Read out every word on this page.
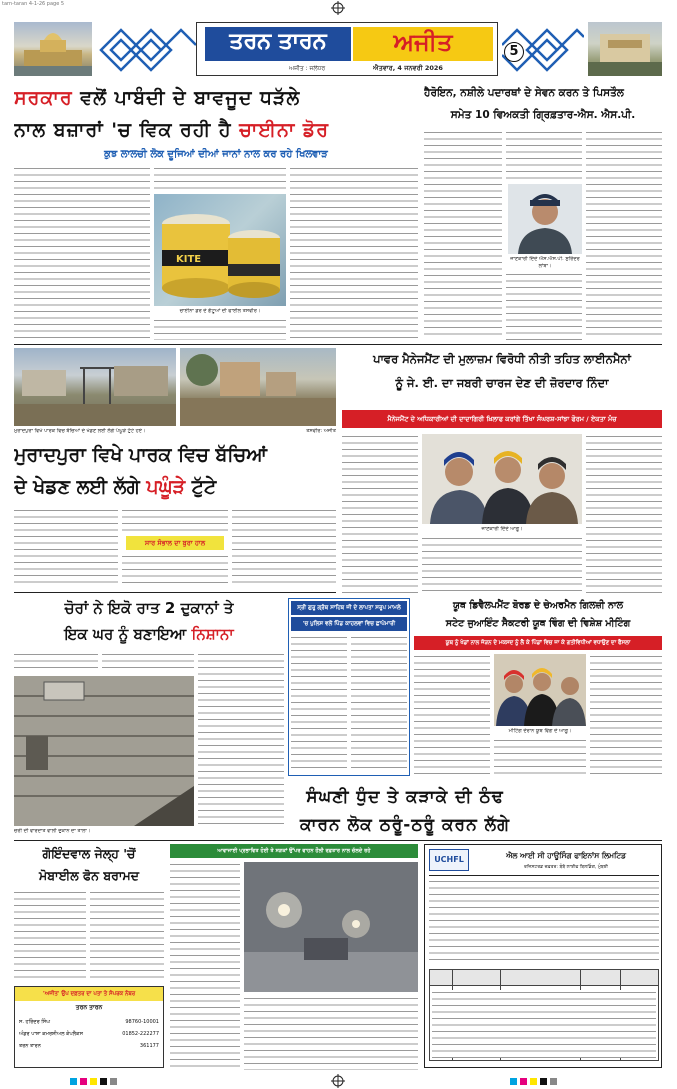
tarn-taran 4-1-26 page 5
ਤਰਨ ਤਾਰਨ	ਅਜੀਤ
ਅਜੀਤ : ਜਲੰਧਰ	ਐਤਵਾਰ, 4 ਜਨਵਰੀ 2026
5
ਸਰਕਾਰ ਵਲੋਂ ਪਾਬੰਦੀ ਦੇ ਬਾਵਜੂਦ ਧੜੱਲੇ
ਨਾਲ ਬਜ਼ਾਰਾਂ 'ਚ ਵਿਕ ਰਹੀ ਹੈ ਚਾਈਨਾ ਡੋਰ
ਕੁਝ ਲਾਲਚੀ ਲੋਕ ਦੂਜਿਆਂ ਦੀਆਂ ਜਾਨਾਂ ਨਾਲ ਕਰ ਰਹੇ ਖਿਲਵਾੜ
KITE
ਚਾਈਨਾ ਡੋਰ ਦੇ ਗੱਟੂਆਂ ਦੀ ਫਾਈਲ ਤਸਵੀਰ।
ਹੈਰੋਇਨ, ਨਸ਼ੀਲੇ ਪਦਾਰਥਾਂ ਦੇ ਸੇਵਨ ਕਰਨ ਤੇ ਪਿਸਤੌਲ
ਸਮੇਤ 10 ਵਿਅਕਤੀ ਗ੍ਰਿਫ਼ਤਾਰ-ਐਸ. ਐਸ.ਪੀ.
ਜਾਣਕਾਰੀ ਦਿੰਦੇ ਐਸ.ਐਸ.ਪੀ. ਸੁਰਿੰਦਰ ਲਾਂਬਾ।
ਮੁਰਾਦਪੁਰਾ ਵਿਖੇ ਪਾਰਕ ਵਿਚ ਬੱਚਿਆਂ ਦੇ ਖੇਡਣ ਲਈ ਲੱਗੇ ਪੰਘੂੜੇ ਟੁੱਟੇ ਹੋਏ।	ਤਸਵੀਰ: ਅਜੀਤ
ਪਾਵਰ ਮੈਨੇਜਮੈਂਟ ਦੀ ਮੁਲਾਜ਼ਮ ਵਿਰੋਧੀ ਨੀਤੀ ਤਹਿਤ ਲਾਈਨਮੈਨਾਂ
ਨੂੰ ਜੇ. ਈ. ਦਾ ਜਬਰੀ ਚਾਰਜ ਦੇਣ ਦੀ ਜ਼ੋਰਦਾਰ ਨਿੰਦਾ
ਮੈਨੇਜਮੈਂਟ ਦੇ ਅਧਿਕਾਰੀਆਂ ਦੀ ਦਾਦਾਗਿਰੀ ਖ਼ਿਲਾਫ ਕਰਾਂਗੇ ਤਿੱਖਾ ਸੰਘਰਸ਼-ਸਾਂਝਾ ਫੋਰਮ / ਏਕਤਾ ਮੰਚ
ਜਾਣਕਾਰੀ ਦਿੰਦੇ ਆਗੂ।
ਮੁਰਾਦਪੁਰਾ ਵਿਖੇ ਪਾਰਕ ਵਿਚ ਬੱਚਿਆਂ
ਦੇ ਖੇਡਣ ਲਈ ਲੱਗੇ ਪਘੂੰੜੇ ਟੁੱਟੇ
ਸਾਰ ਸੰਭਾਲ ਦਾ ਬੁਰਾ ਹਾਲ
ਚੋਰਾਂ ਨੇ ਇਕੋ ਰਾਤ 2 ਦੁਕਾਨਾਂ ਤੇ
ਇਕ ਘਰ ਨੂੰ ਬਣਾਇਆ ਨਿਸ਼ਾਨਾ
ਚੋਰੀ ਦੀ ਵਾਰਦਾਤ ਵਾਲੀ ਦੁਕਾਨ ਦਾ ਤਾਲਾ।
ਸ੍ਰੀ ਗੁਰੂ ਗ੍ਰੰਥ ਸਾਹਿਬ ਜੀ ਦੇ ਲਾਪਤਾ ਸਰੂਪ ਮਾਮਲੇ
'ਚ ਪੁਲਿਸ ਵਲੋਂ ਪਿੰਡ ਕਾਹਲਵਾਂ ਵਿਚ ਛਾਪੇਮਾਰੀ
ਯੂਥ ਡਿਵੈਲਪਮੈਂਟ ਬੋਰਡ ਦੇ ਚੇਅਰਮੈਨ ਗਿਲਜ਼ੀ ਨਾਲ
ਸਟੇਟ ਜੁਆਇੰਟ ਸੈਕਟਰੀ ਯੂਥ ਵਿੰਗ ਦੀ ਵਿਸ਼ੇਸ਼ ਮੀਟਿੰਗ
ਯੂਥ ਨੂੰ ਖੇਡਾਂ ਨਾਲ ਜੋੜਨ ਦੇ ਮਕਸਦ ਨੂੰ ਲੈ ਕੇ ਪਿੰਡਾਂ ਵਿਚ ਜਾ ਕੇ ਗਤੀਵਿਧੀਆਂ ਵਧਾਉਣ ਦਾ ਫੈਸਲਾ
ਮੀਟਿੰਗ ਦੌਰਾਨ ਯੂਥ ਵਿੰਗ ਦੇ ਆਗੂ।
ਸੰਘਣੀ ਧੁੰਦ ਤੇ ਕੜਾਕੇ ਦੀ ਠੰਢ
ਕਾਰਨ ਲੋਕ ਠਰੂੰ-ਠਰੂੰ ਕਰਨ ਲੱਗੇ
ਗੋਇੰਦਵਾਲ ਜੇਲ੍ਹ 'ਚੋਂ
ਮੋਬਾਈਲ ਫੋਨ ਬਰਾਮਦ
ਆਵਾਜਾਈ ਪ੍ਰਭਾਵਿਤ ਹੋਈ ਤੇ ਸੜਕਾਂ ਉੱਪਰ ਵਾਹਨ ਹੌਲੀ ਰਫ਼ਤਾਰ ਨਾਲ ਚੱਲਦੇ ਰਹੇ
'ਅਜੀਤ' ਉਪ ਦਫ਼ਤਰ ਦਾ ਪਤਾ ਤੇ ਸੰਪਰਕ ਨੰਬਰ
ਤਰਨ ਤਾਰਨ
ਸ. ਹਰਿੰਦਰ ਸਿੰਘ	98760-10001
ਅੰਡਰ ਪਾਸ਼ਾ ਕਮਰਸ਼ੀਅਲ ਕੰਪਲੈਕਸ	01852-222277
ਤਰਨ ਤਾਰਨ	361177
UCHFL	ਐਲ ਆਈ ਸੀ ਹਾਊਸਿੰਗ ਫਾਇਨਾਂਸ ਲਿਮਟਿਡ
ਰਜਿਸਟਰਡ ਦਫ਼ਤਰ: ਬੰਬੇ ਲਾਈਫ ਬਿਲਡਿੰਗ, ਮੁੰਬਈ
